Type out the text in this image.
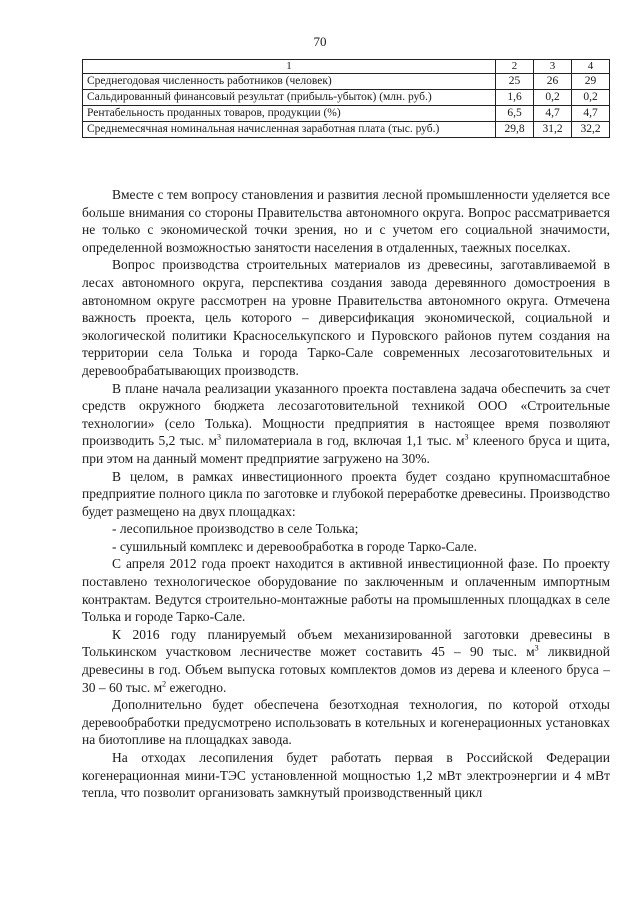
70
1	2	3	4
Среднегодовая численность работников (человек)	25	26	29
Сальдированный финансовый результат (прибыль-убыток) (млн. руб.)	1,6	0,2	0,2
Рентабельность проданных товаров, продукции (%)	6,5	4,7	4,7
Среднемесячная номинальная начисленная заработная плата (тыс. руб.)	29,8	31,2	32,2

Вместе с тем вопросу становления и развития лесной промышленности уделяется все больше внимания со стороны Правительства автономного округа. Вопрос рассматривается не только с экономической точки зрения, но и с учетом его социальной значимости, определенной возможностью занятости населения в отдаленных, таежных поселках.

Вопрос производства строительных материалов из древесины, заготавливаемой в лесах автономного округа, перспектива создания завода деревянного домостроения в автономном округе рассмотрен на уровне Правительства автономного округа. Отмечена важность проекта, цель которого – диверсификация экономической, социальной и экологической политики Красноселькупского и Пуровского районов путем создания на территории села Толька и города Тарко-Сале современных лесозаготовительных и деревообрабатывающих производств.

В плане начала реализации указанного проекта поставлена задача обеспечить за счет средств окружного бюджета лесозаготовительной техникой ООО «Строительные технологии» (село Толька). Мощности предприятия в настоящее время позволяют производить 5,2 тыс. $м^3$ пиломатериала в год, включая 1,1 тыс. $м^3$ клееного бруса и щита, при этом на данный момент предприятие загружено на 30%.

В целом, в рамках инвестиционного проекта будет создано крупномасштабное предприятие полного цикла по заготовке и глубокой переработке древесины. Производство будет размещено на двух площадках:

- лесопильное производство в селе Толька;

- сушильный комплекс и деревообработка в городе Тарко-Сале.

С апреля 2012 года проект находится в активной инвестиционной фазе. По проекту поставлено технологическое оборудование по заключенным и оплаченным импортным контрактам. Ведутся строительно-монтажные работы на промышленных площадках в селе Толька и городе Тарко-Сале.

К 2016 году планируемый объем механизированной заготовки древесины в Толькинском участковом лесничестве может составить 45 – 90 тыс. $м^3$ ликвидной древесины в год. Объем выпуска готовых комплектов домов из дерева и клееного бруса – 30 – 60 тыс. $м^2$ ежегодно.

Дополнительно будет обеспечена безотходная технология, по которой отходы деревообработки предусмотрено использовать в котельных и когенерационных установках на биотопливе на площадках завода.

На отходах лесопиления будет работать первая в Российской Федерации когенерационная мини-ТЭС установленной мощностью 1,2 мВт электроэнергии и 4 мВт тепла, что позволит организовать замкнутый производственный цикл
